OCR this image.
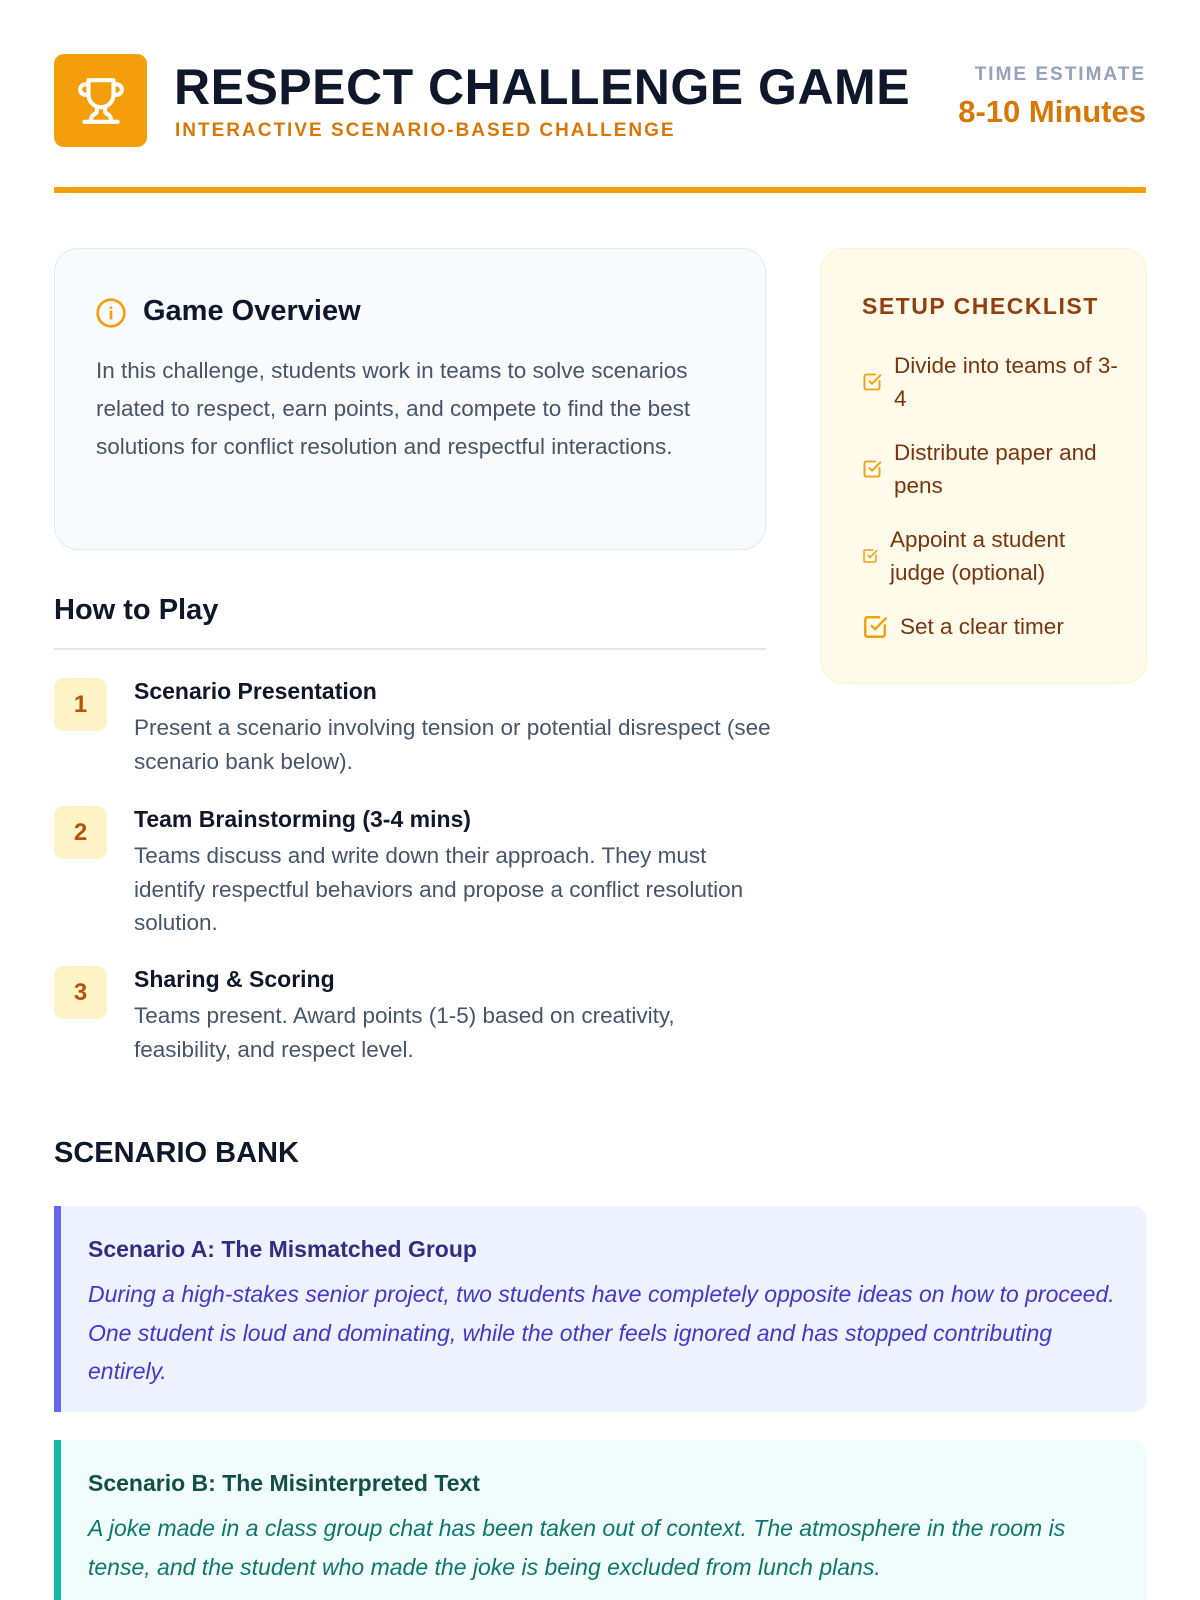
RESPECT CHALLENGE GAME
INTERACTIVE SCENARIO-BASED CHALLENGE
TIME ESTIMATE
8-10 Minutes
Game Overview
In this challenge, students work in teams to solve scenarios related to respect, earn points, and compete to find the best solutions for conflict resolution and respectful interactions.
How to Play
1	Scenario Presentation
Present a scenario involving tension or potential disrespect (see scenario bank below).
2	Team Brainstorming (3-4 mins)
Teams discuss and write down their approach. They must identify respectful behaviors and propose a conflict resolution solution.
3	Sharing & Scoring
Teams present. Award points (1-5) based on creativity, feasibility, and respect level.
SETUP CHECKLIST
Divide into teams of 3-4
Distribute paper and pens
Appoint a student judge (optional)
Set a clear timer
SCENARIO BANK
Scenario A: The Mismatched Group
During a high-stakes senior project, two students have completely opposite ideas on how to proceed. One student is loud and dominating, while the other feels ignored and has stopped contributing entirely.
Scenario B: The Misinterpreted Text
A joke made in a class group chat has been taken out of context. The atmosphere in the room is tense, and the student who made the joke is being excluded from lunch plans.
